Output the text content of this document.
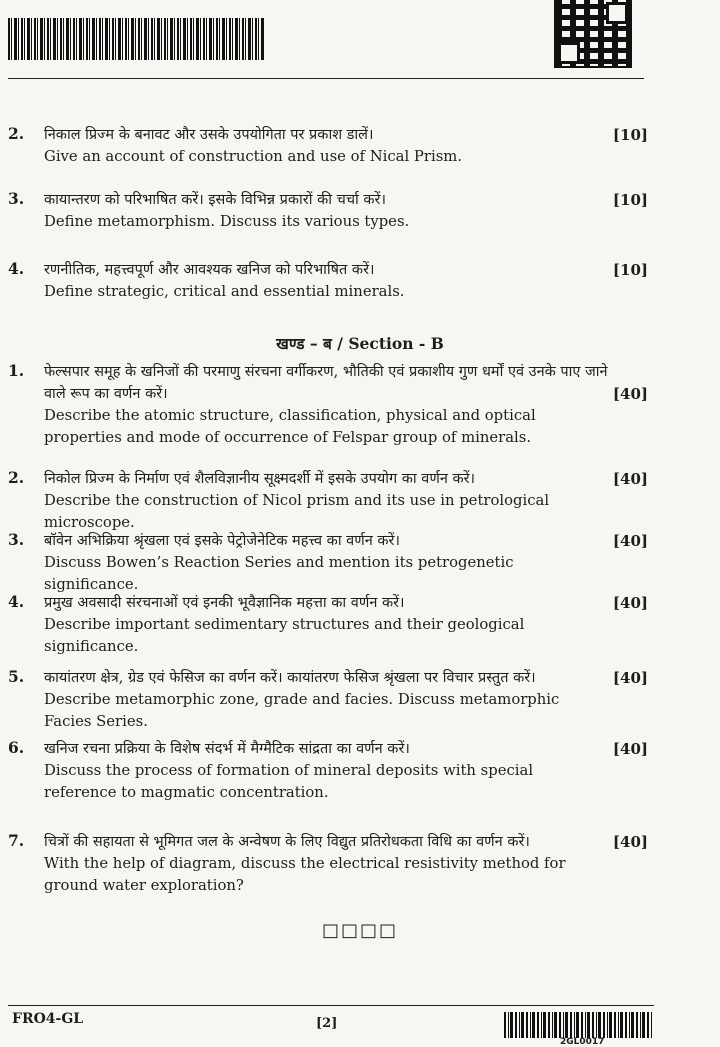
2. निकाल प्रिज्म के बनावट और उसके उपयोगिता पर प्रकाश डालें।
Give an account of construction and use of Nical Prism.
[10]
3. कायान्तरण को परिभाषित करें। इसके विभिन्न प्रकारों की चर्चा करें।
Define metamorphism. Discuss its various types.
[10]
4. रणनीतिक, महत्त्वपूर्ण और आवश्यक खनिज को परिभाषित करें।
Define strategic, critical and essential minerals.
[10]
खण्ड – ब / Section - B
1. फेल्सपार समूह के खनिजों की परमाणु संरचना वर्गीकरण, भौतिकी एवं प्रकाशीय गुण धर्मों एवं उनके पाए जाने वाले रूप का वर्णन करें।
Describe the atomic structure, classification, physical and optical properties and mode of occurrence of Felspar group of minerals.
[40]
2. निकोल प्रिज्म के निर्माण एवं शैलविज्ञानीय सूक्ष्मदर्शी में इसके उपयोग का वर्णन करें।
Describe the construction of Nicol prism and its use in petrological microscope.
[40]
3. बॉवेन अभिक्रिया श्रृंखला एवं इसके पेट्रोजेनेटिक महत्त्व का वर्णन करें।
Discuss Bowen’s Reaction Series and mention its petrogenetic significance.
[40]
4. प्रमुख अवसादी संरचनाओं एवं इनकी भूवैज्ञानिक महत्ता का वर्णन करें।
Describe important sedimentary structures and their geological significance.
[40]
5. कायांतरण क्षेत्र, ग्रेड एवं फेसिज का वर्णन करें। कायांतरण फेसिज श्रृंखला पर विचार प्रस्तुत करें।
Describe metamorphic zone, grade and facies. Discuss metamorphic Facies Series.
[40]
6. खनिज रचना प्रक्रिया के विशेष संदर्भ में मैग्मैटिक सांद्रता का वर्णन करें।
Discuss the process of formation of mineral deposits with special reference to magmatic concentration.
[40]
7. चित्रों की सहायता से भूमिगत जल के अन्वेषण के लिए विद्युत प्रतिरोधकता विधि का वर्णन करें।
With the help of diagram, discuss the electrical resistivity method for ground water exploration?
[40]
□□□□
FRO4-GL	[2]
2GL0017
